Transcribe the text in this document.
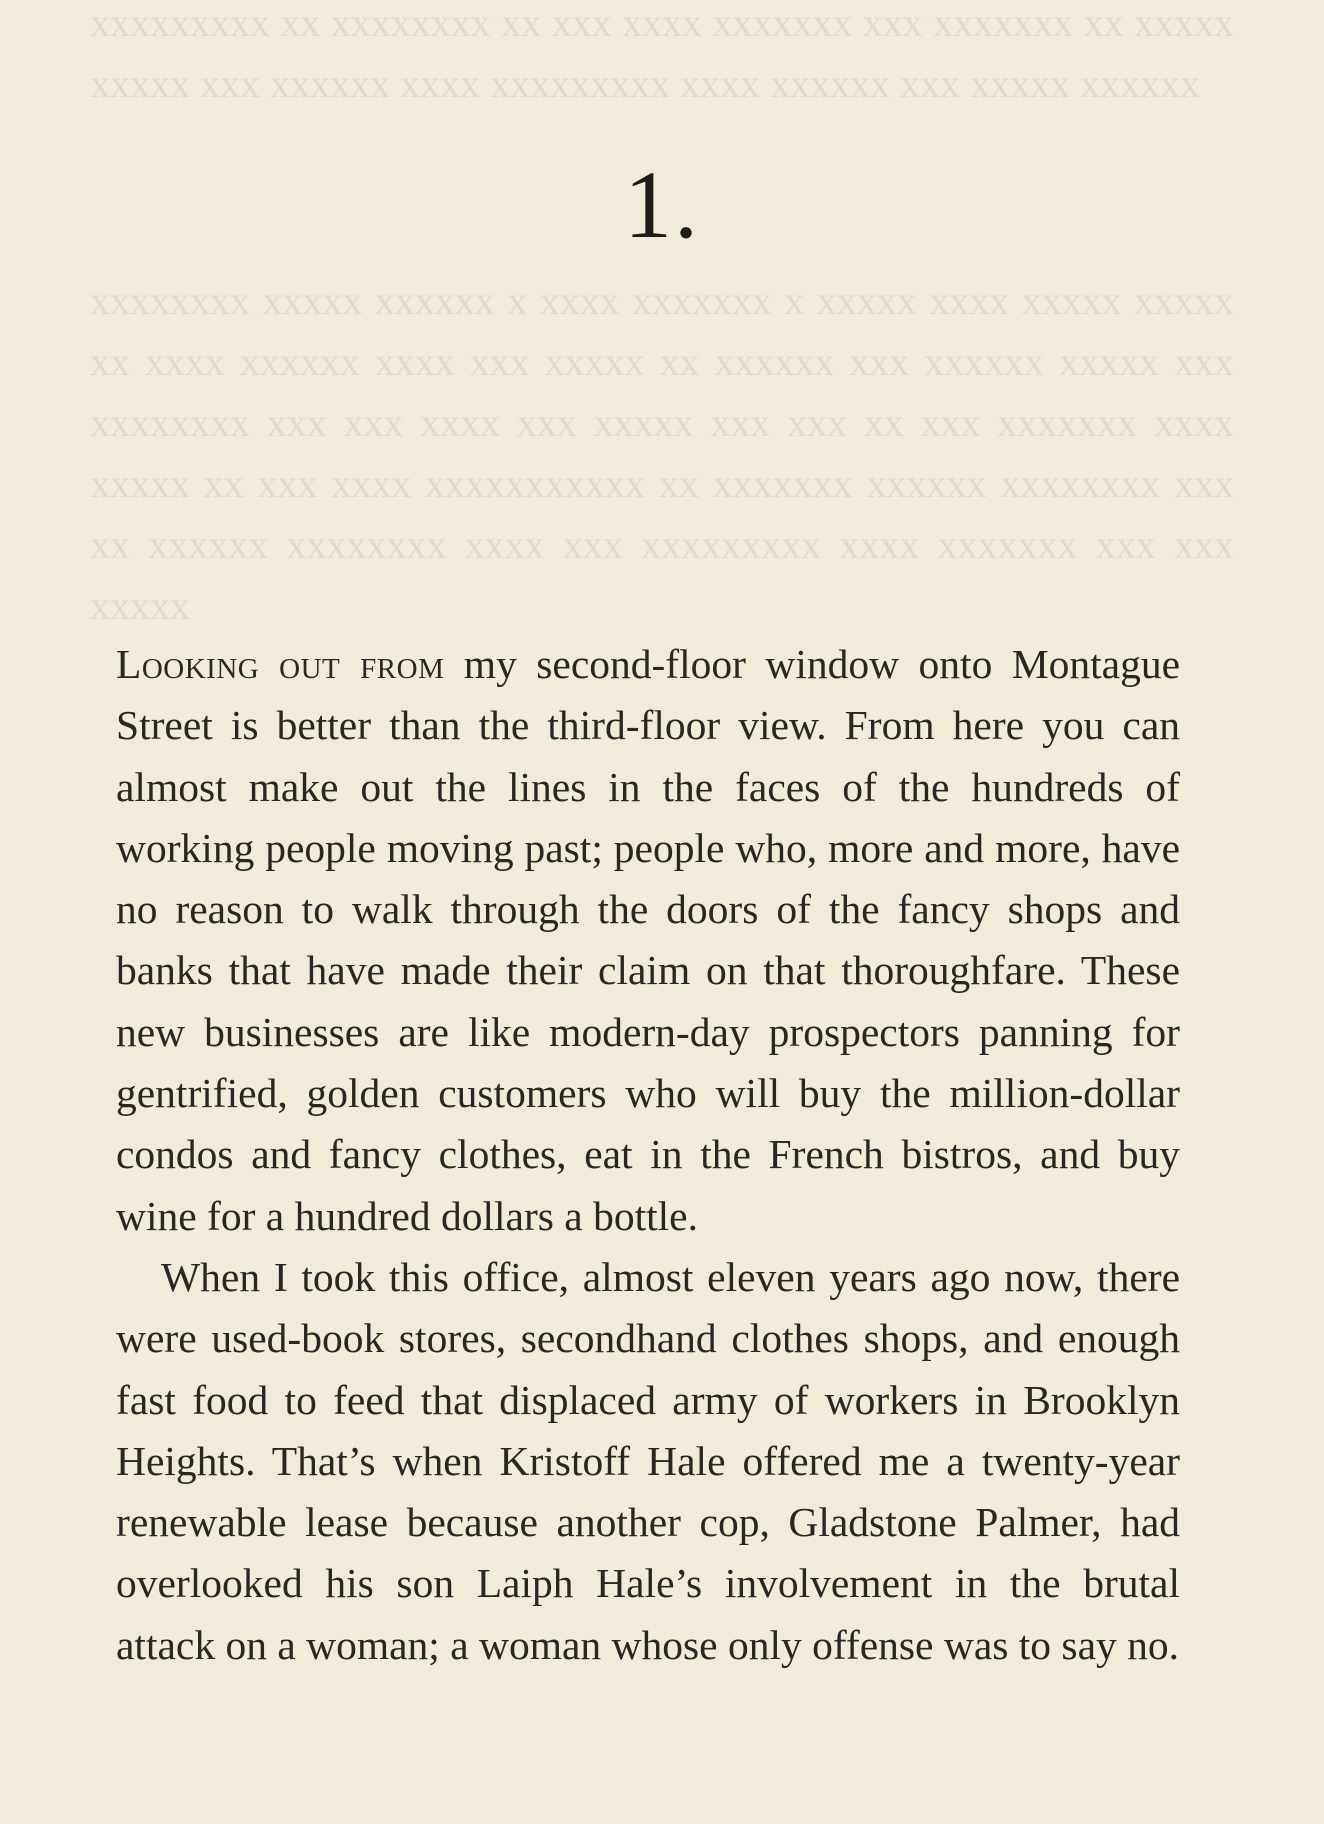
xxxxxxxxx xx xxxxxxxx xx xxx xxxx xxxxxxx xxx xxxxxxx xx xxxxx xxxxx xxx xxxxxx xxxx xxxxxxxxx xxxx xxxxxx xxx xxxxx xxxxxx
xxxxxxxx xxxxx xxxxxx x xxxx xxxxxxx x xxxxx xxxx xxxxx xxxxx xx xxxx xxxxxx xxxx xxx xxxxx xx xxxxxx xxx xxxxxx xxxxx xxx xxxxxxxx xxx xxx xxxx xxx xxxxx xxx xxx xx xxx xxxxxxx xxxx xxxxx xx xxx xxxx xxxxxxxxxxx xx xxxxxxx xxxxxx xxxxxxxx xxx xx xxxxxx xxxxxxxx xxxx xxx xxxxxxxxx xxxx xxxxxxx xxx xxx xxxxx
1.

Looking out from my second-floor window onto Montague Street is better than the third-floor view. From here you can almost make out the lines in the faces of the hundreds of working people moving past; people who, more and more, have no reason to walk through the doors of the fancy shops and banks that have made their claim on that thoroughfare. These new businesses are like modern-day prospectors panning for gentrified, golden customers who will buy the million-dollar condos and fancy clothes, eat in the French bistros, and buy wine for a hundred dollars a bottle.

When I took this office, almost eleven years ago now, there were used-book stores, secondhand clothes shops, and enough fast food to feed that displaced army of workers in Brooklyn Heights. That’s when Kristoff Hale offered me a twenty-year renewable lease because another cop, Gladstone Palmer, had overlooked his son Laiph Hale’s involvement in the brutal attack on a woman; a woman whose only offense was to say no.
